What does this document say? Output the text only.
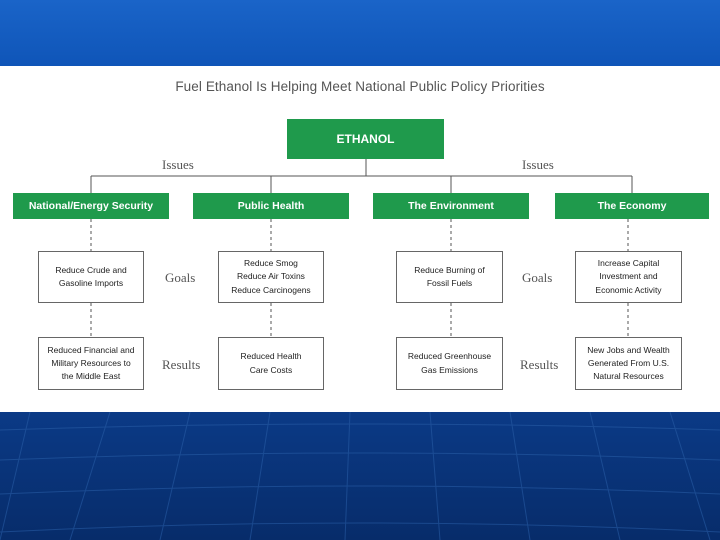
Fuel Ethanol Is Helping Meet National Public Policy Priorities
ETHANOL
Issues	Issues
National/Energy Security	Public Health	The Environment	The Economy
Goals	Goals
Reduce Crude and
Gasoline Imports
Reduce Smog
Reduce Air Toxins
Reduce Carcinogens
Reduce Burning of
Fossil Fuels
Increase Capital
Investment and
Economic Activity
Results	Results
Reduced Financial and
Military Resources to
the Middle East
Reduced Health
Care Costs
Reduced Greenhouse
Gas Emissions
New Jobs and Wealth
Generated From U.S.
Natural Resources
